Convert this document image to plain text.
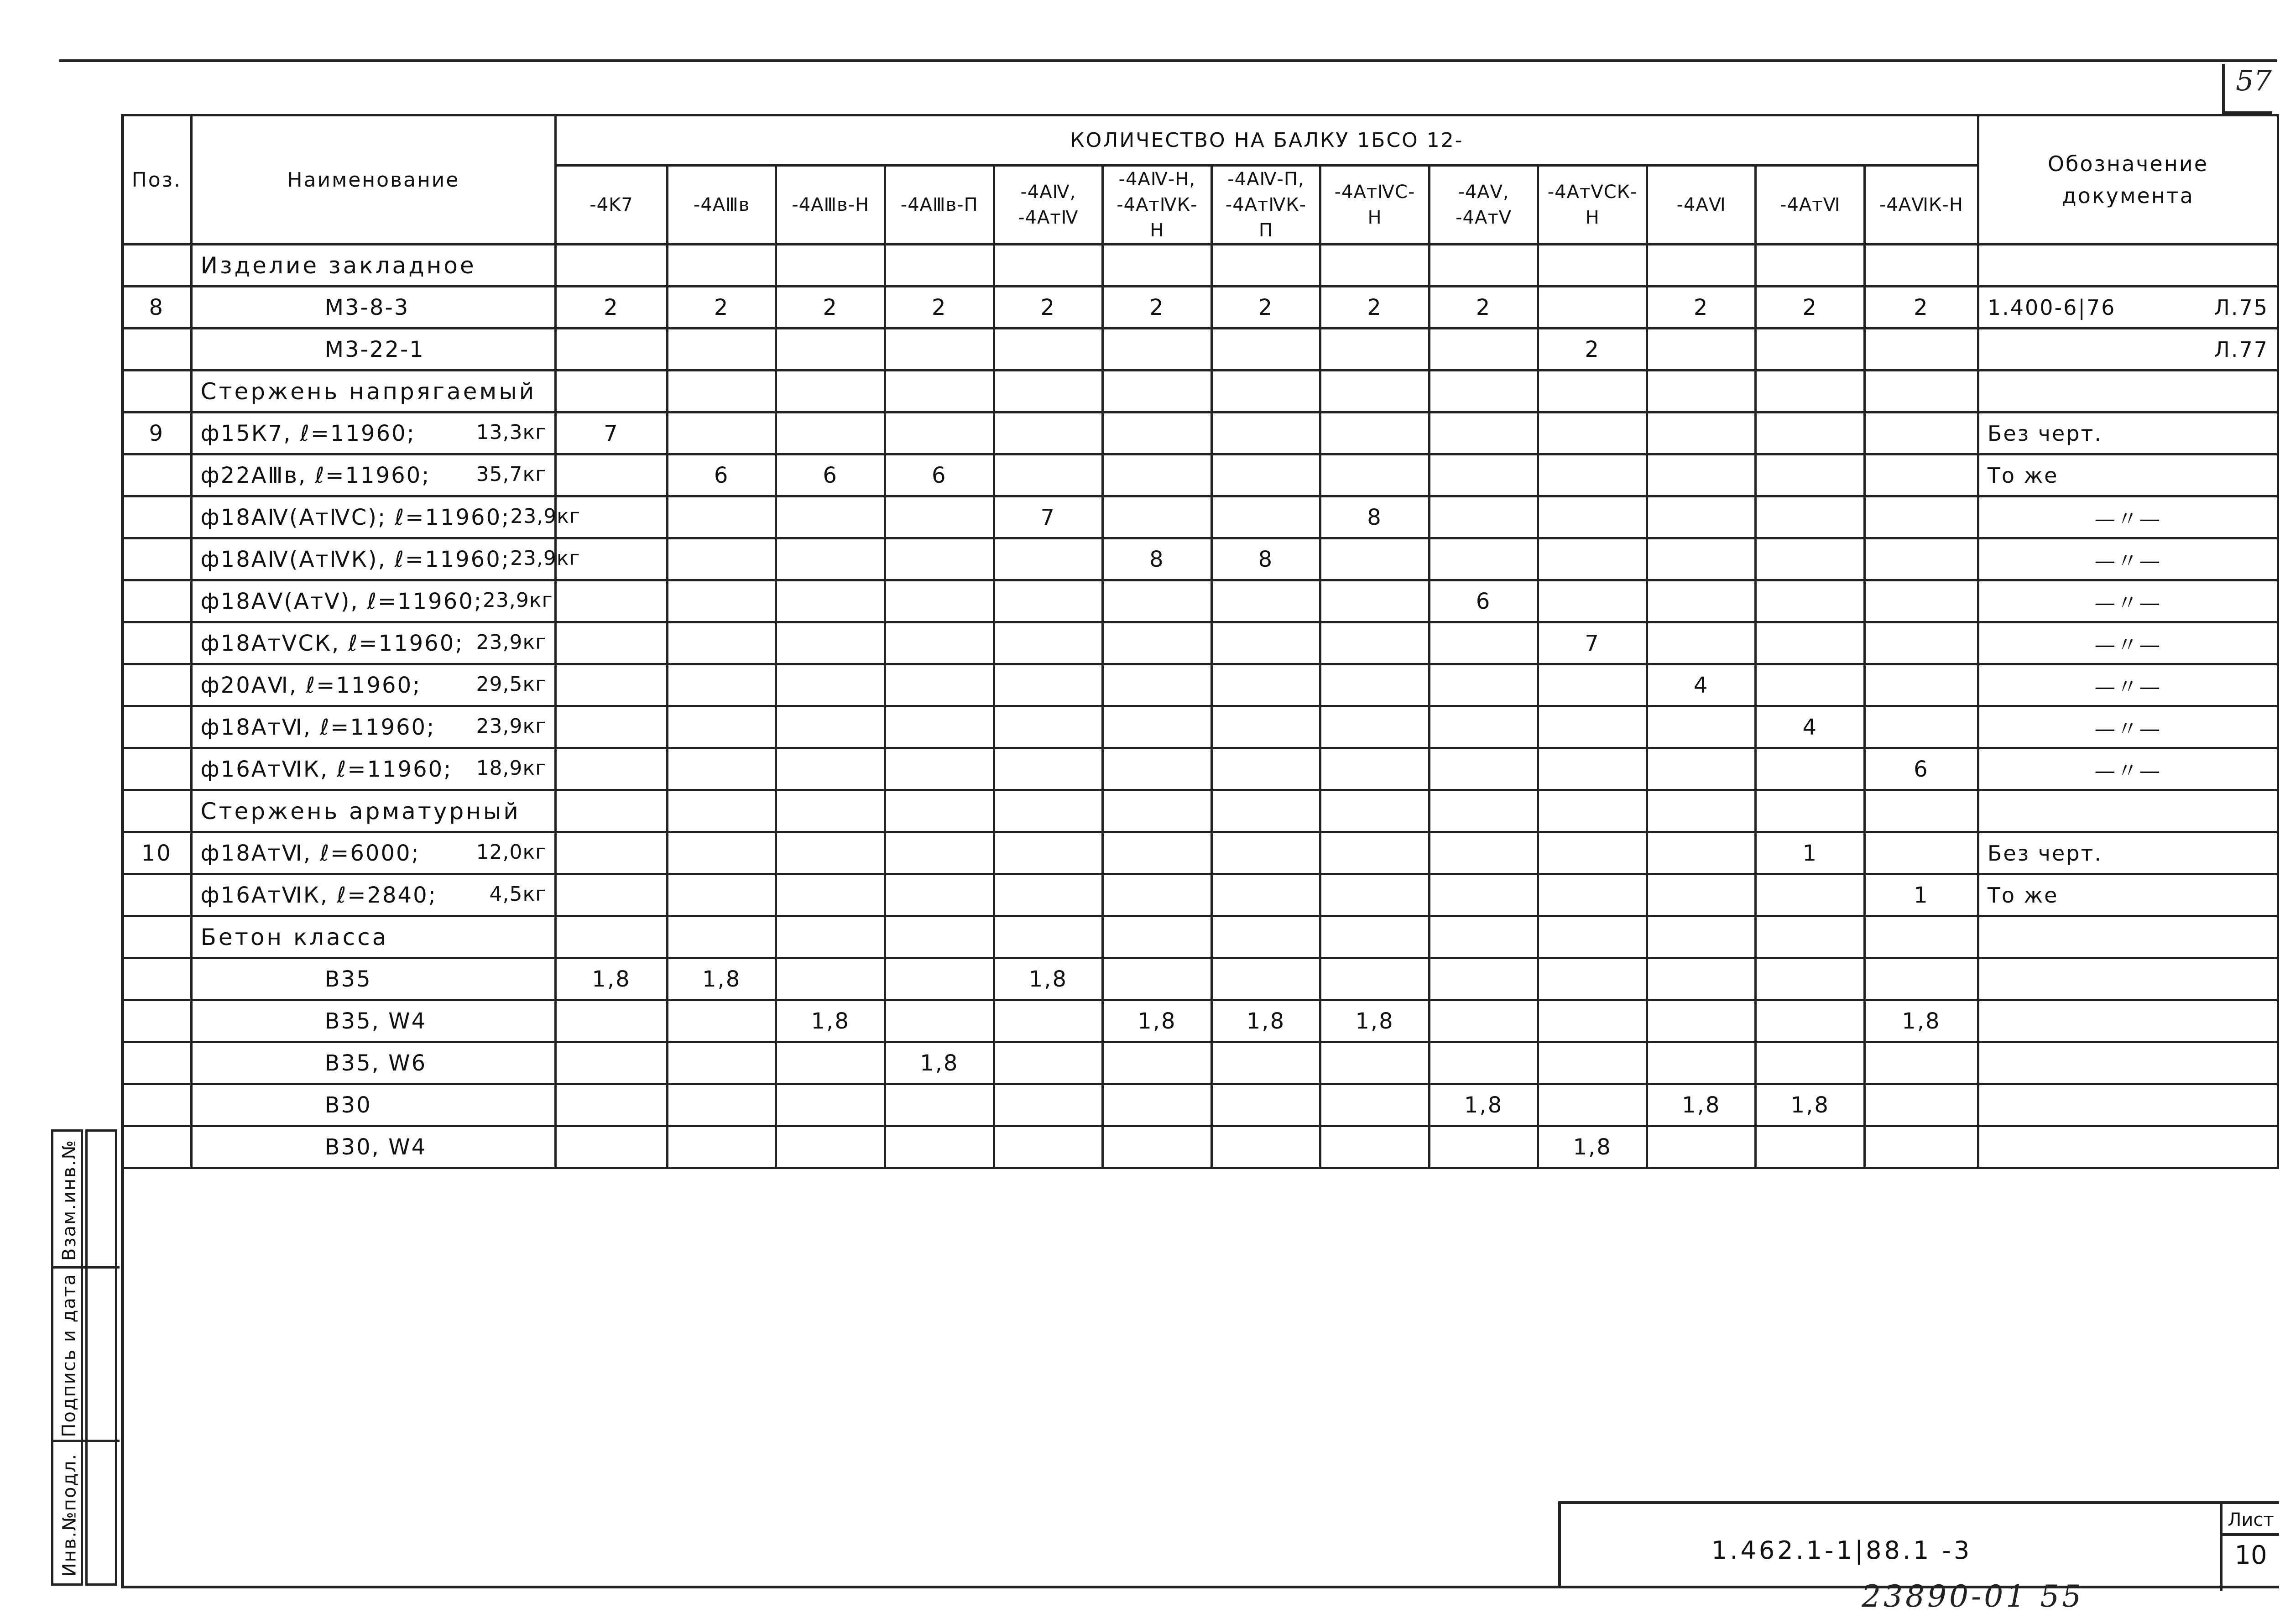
57
Поз.	Наименование	КОЛИЧЕСТВО НА БАЛКУ 1БСО 12-													Обозначение документа
		-4K7	-4AⅢв	-4AⅢв-Н	-4AⅢв-П	-4AⅣ, -4AтⅣ	-4AⅣ-Н, -4AтⅣК-Н	-4AⅣ-П, -4AтⅣК-П	-4AтⅣС-Н	-4AⅤ, -4AтⅤ	-4AтⅤСК-Н	-4AⅥ	-4AтⅥ	-4AⅥК-Н	
	Изделие закладное														

8	М3-8-3	2	2	2	2	2	2	2	2	2		2	2	2	1.400-6|76 Л.75

	М3-22-1										2				Л.77

	Стержень напрягаемый														

9	ф15К7, ℓ=11960; 13,3кг	7													Без черт.

	ф22АⅢв, ℓ=11960; 35,7кг		6	6	6										То же

	ф18АⅣ(АтⅣС); ℓ=11960; 23,9кг					7			8						—〃—

	ф18АⅣ(АтⅣК), ℓ=11960; 23,9кг						8	8							—〃—

	ф18АⅤ(АтⅤ), ℓ=11960; 23,9кг									6					—〃—

	ф18АтⅤСК, ℓ=11960; 23,9кг										7				—〃—

	ф20АⅥ, ℓ=11960; 29,5кг											4			—〃—

	ф18АтⅥ, ℓ=11960; 23,9кг												4		—〃—

	ф16АтⅥК, ℓ=11960; 18,9кг													6	—〃—

	Стержень арматурный														

10	ф18АтⅥ, ℓ=6000; 12,0кг												1		Без черт.

	ф16АтⅥК, ℓ=2840; 4,5кг													1	То же

	Бетон класса														

	В35	1,8	1,8			1,8									

	В35, W4			1,8			1,8	1,8	1,8					1,8	

	В35, W6				1,8										

	В30									1,8		1,8	1,8		

	В30, W4										1,8				
Взам.инв.№
Подпись и дата
Инв.№подл.	1.462.1-1|88.1 -3
Лист
10
23890-01 55
